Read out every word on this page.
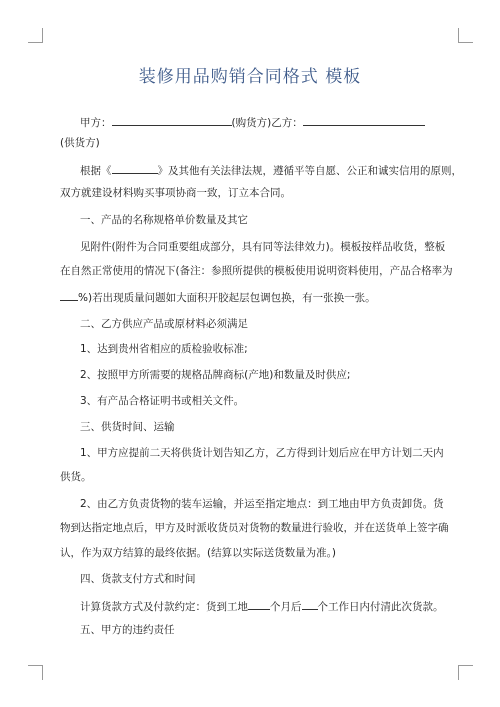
装修用品购销合同格式 模板
甲方：	(购货方)乙方：
(供货方)
根据《	》及其他有关法律法规，遵循平等自愿、公正和诚实信用的原则，
双方就建设材料购买事项协商一致，订立本合同。
一、产品的名称规格单价数量及其它
见附件(附件为合同重要组成部分，具有同等法律效力)。模板按样品收货，整板
在自然正常使用的情况下(备注：参照所提供的模板使用说明资料使用，产品合格率为
%)若出现质量问题如大面积开胶起层包调包换，有一张换一张。
二、乙方供应产品或原材料必须满足
1、达到贵州省相应的质检验收标准;
2、按照甲方所需要的规格品牌商标(产地)和数量及时供应;
3、有产品合格证明书或相关文件。
三、供货时间、运输
1、甲方应提前二天将供货计划告知乙方，乙方得到计划后应在甲方计划二天内
供货。
2、由乙方负责货物的装车运输，并运至指定地点：到工地由甲方负责卸货。货
物到达指定地点后，甲方及时派收货员对货物的数量进行验收，并在送货单上签字确
认，作为双方结算的最终依据。(结算以实际送货数量为准。)
四、货款支付方式和时间
计算货款方式及付款约定：货到工地 个月后 个工作日内付清此次货款。
五、甲方的违约责任
